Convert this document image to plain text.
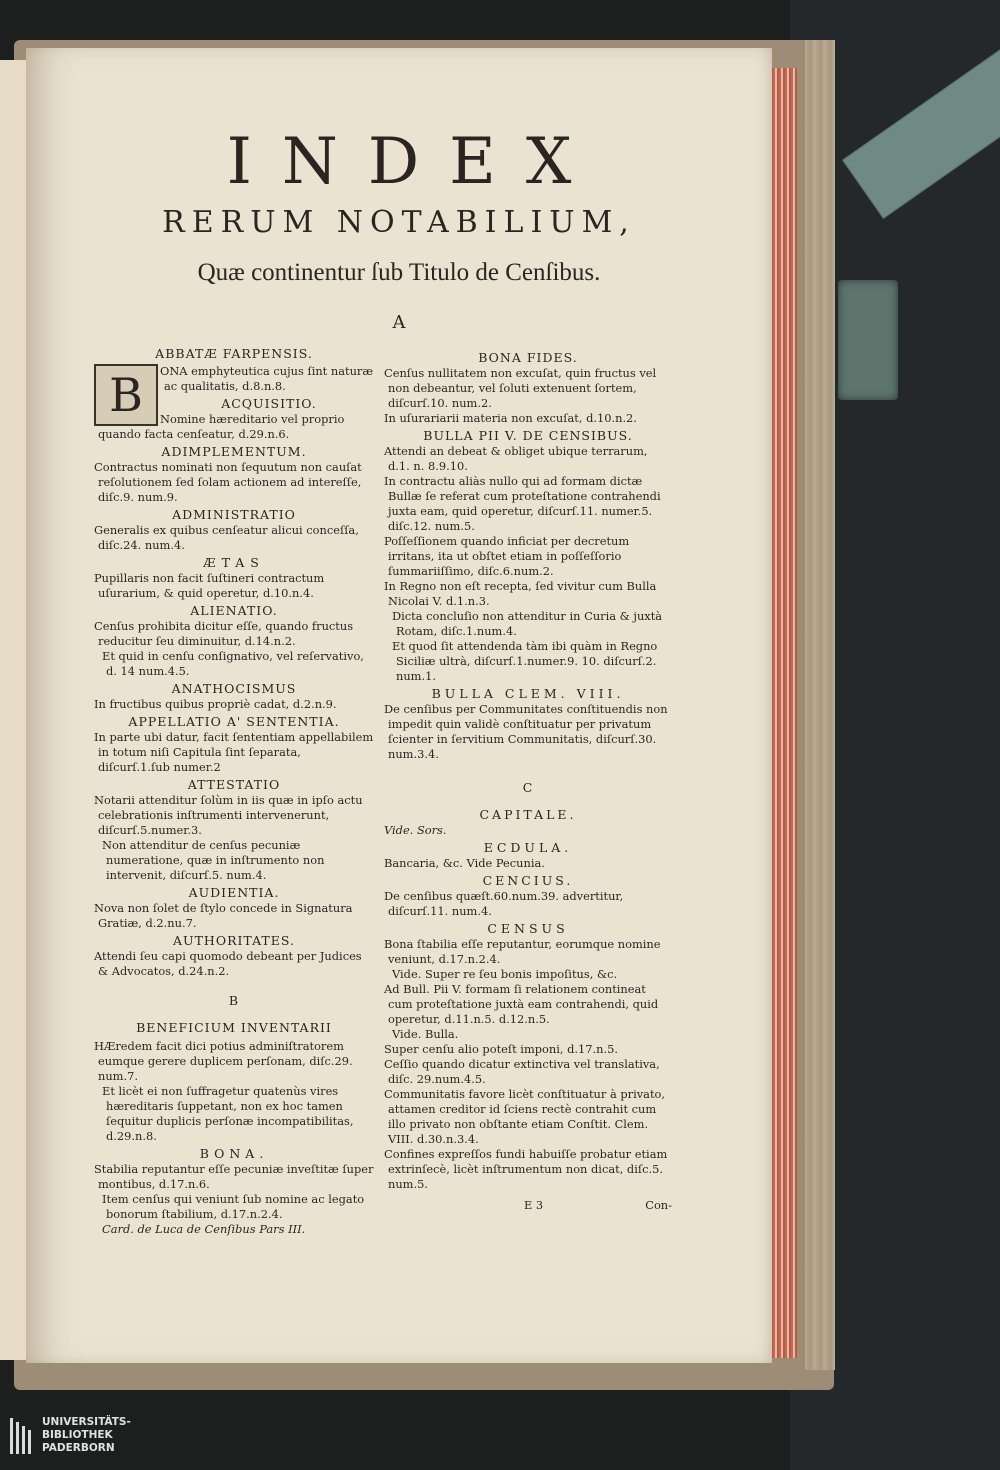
INDEX
RERUM NOTABILIUM,
Quæ continentur ſub Titulo de Cenſibus.
A
ABBATÆ FARPENSIS.
B	ONA emphyteutica cujus ſint naturæ ac qualitatis, d.8.n.8.

ACQUISITIO.

Nomine hæreditario vel proprio quando facta cenſeatur, d.29.n.6.

ADIMPLEMENTUM.

Contractus nominati non ſequutum non cauſat reſolutionem ſed ſolam actionem ad intereſſe, diſc.9. num.9.

ADMINISTRATIO

Generalis ex quibus cenſeatur alicui conceſſa, diſc.24. num.4.

ÆTAS

Pupillaris non facit ſuſtineri contractum uſurarium, & quid operetur, d.10.n.4.

ALIENATIO.

Cenſus prohibita dicitur eſſe, quando fructus reducitur ſeu diminuitur, d.14.n.2.

Et quid in cenſu conſignativo, vel reſervativo, d. 14 num.4.5.

ANATHOCISMUS

In fructibus quibus propriè cadat, d.2.n.9.

APPELLATIO A' SENTENTIA.

In parte ubi datur, facit ſententiam appellabilem in totum niſi Capitula ſint ſeparata, diſcurſ.1.ſub numer.2

ATTESTATIO

Notarii attenditur ſolùm in iis quæ in ipſo actu celebrationis inſtrumenti intervenerunt, diſcurſ.5.numer.3.

Non attenditur de cenſus pecuniæ numeratione, quæ in inſtrumento non intervenit, diſcurſ.5. num.4.

AUDIENTIA.

Nova non ſolet de ſtylo concede in Signatura Gratiæ, d.2.nu.7.

AUTHORITATES.

Attendi ſeu capi quomodo debeant per Judices & Advocatos, d.24.n.2.

B
BENEFICIUM INVENTARII

HÆredem facit dici potius adminiſtratorem eumque gerere duplicem perſonam, diſc.29. num.7.

Et licèt ei non ſuffragetur quatenùs vires hæreditaris ſuppetant, non ex hoc tamen ſequitur duplicis perſonæ incompatibilitas, d.29.n.8.

BONA.

Stabilia reputantur eſſe pecuniæ inveſtitæ ſuper montibus, d.17.n.6.

Item cenſus qui veniunt ſub nomine ac legato bonorum ſtabilium, d.17.n.2.4.

Card. de Luca de Cenſibus Pars III.

BONA FIDES.

Cenſus nullitatem non excuſat, quin fructus vel non debeantur, vel ſoluti extenuent ſortem, diſcurſ.10. num.2.

In uſurariarii materia non excuſat, d.10.n.2.

BULLA PII V. DE CENSIBUS.

Attendi an debeat & obliget ubique terrarum, d.1. n. 8.9.10.

In contractu aliàs nullo qui ad formam dictæ Bullæ ſe referat cum proteſtatione contrahendi juxta eam, quid operetur, diſcurſ.11. numer.5. diſc.12. num.5.

Poſſeſſionem quando inficiat per decretum irritans, ita ut obſtet etiam in poſſeſſorio ſummariiſſimo, diſc.6.num.2.

In Regno non eſt recepta, ſed vivitur cum Bulla Nicolai V. d.1.n.3.

Dicta concluſio non attenditur in Curia & juxtà Rotam, diſc.1.num.4.

Et quod ſit attendenda tàm ibi quàm in Regno Siciliæ ultrà, diſcurſ.1.numer.9. 10. diſcurſ.2. num.1.

BULLA CLEM. VIII.

De cenſibus per Communitates conſtituendis non impedit quin validè conſtituatur per privatum ſcienter in ſervitium Communitatis, diſcurſ.30. num.3.4.

C
CAPITALE.

Vide. Sors.

ECDULA.

Bancaria, &c. Vide Pecunia.

CENCIUS.

De cenſibus quæſt.60.num.39. advertitur, diſcurſ.11. num.4.

CENSUS

Bona ſtabilia eſſe reputantur, eorumque nomine veniunt, d.17.n.2.4.

Vide. Super re ſeu bonis impoſitus, &c.

Ad Bull. Pii V. formam ſi relationem contineat cum proteſtatione juxtà eam contrahendi, quid operetur, d.11.n.5. d.12.n.5.

Vide. Bulla.

Super cenſu alio poteſt imponi, d.17.n.5.

Ceſſio quando dicatur extinctiva vel translativa, diſc. 29.num.4.5.

Communitatis favore licèt conſtituatur à privato, attamen creditor id ſciens rectè contrahit cum illo privato non obſtante etiam Conſtit. Clem. VIII. d.30.n.3.4.

Confines expreſſos fundi habuiſſe probatur etiam extrinſecè, licèt inſtrumentum non dicat, diſc.5. num.5.

E 3	Con-
UNIVERSITÄTS-
BIBLIOTHEK
PADERBORN
